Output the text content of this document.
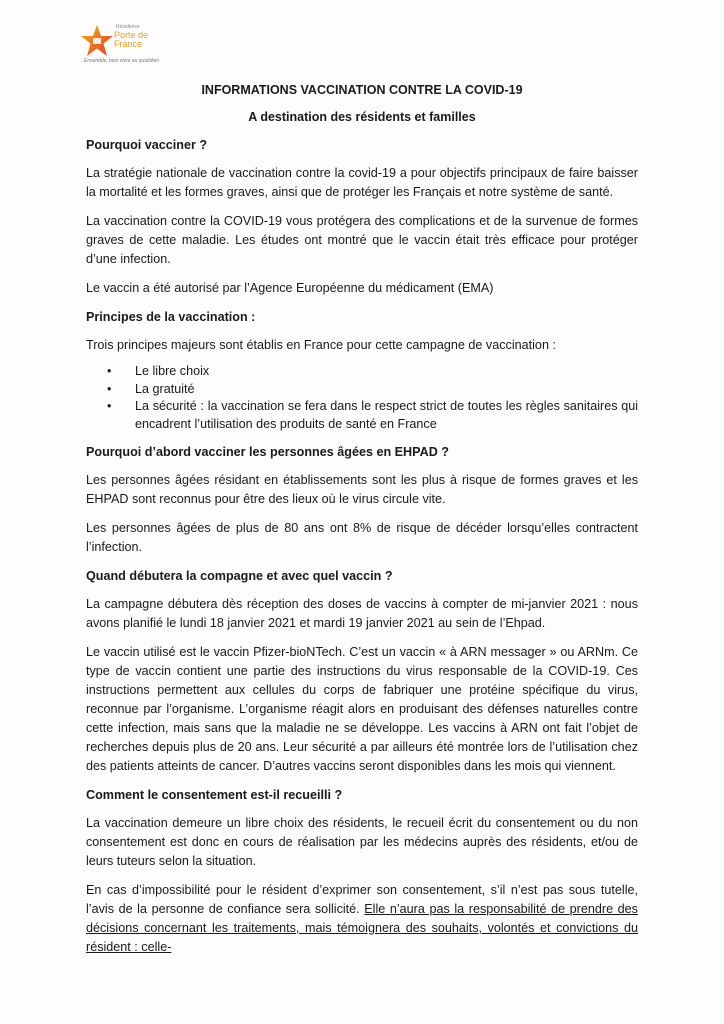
Résidence
Porte de
France
Ensemble, bien vivre au quotidien
INFORMATIONS VACCINATION CONTRE LA COVID-19
A destination des résidents et familles
Pourquoi vacciner ?

La stratégie nationale de vaccination contre la covid-19 a pour objectifs principaux de faire baisser la mortalité et les formes graves, ainsi que de protéger les Français et notre système de santé.

La vaccination contre la COVID-19 vous protégera des complications et de la survenue de formes graves de cette maladie. Les études ont montré que le vaccin était très efficace pour protéger d’une infection.

Le vaccin a été autorisé par l’Agence Européenne du médicament (EMA)

Principes de la vaccination :

Trois principes majeurs sont établis en France pour cette campagne de vaccination :

• Le libre choix
• La gratuité
• La sécurité : la vaccination se fera dans le respect strict de toutes les règles sanitaires qui encadrent l’utilisation des produits de santé en France
Pourquoi d’abord vacciner les personnes âgées en EHPAD ?

Les personnes âgées résidant en établissements sont les plus à risque de formes graves et les EHPAD sont reconnus pour être des lieux où le virus circule vite.

Les personnes âgées de plus de 80 ans ont 8% de risque de décéder lorsqu’elles contractent l’infection.

Quand débutera la compagne et avec quel vaccin ?

La campagne débutera dès réception des doses de vaccins à compter de mi-janvier 2021 : nous avons planifié le lundi 18 janvier 2021 et mardi 19 janvier 2021 au sein de l’Ehpad.

Le vaccin utilisé est le vaccin Pfizer-bioNTech. C’est un vaccin « à ARN messager » ou ARNm. Ce type de vaccin contient une partie des instructions du virus responsable de la COVID-19. Ces instructions permettent aux cellules du corps de fabriquer une protéine spécifique du virus, reconnue par l’organisme. L’organisme réagit alors en produisant des défenses naturelles contre cette infection, mais sans que la maladie ne se développe. Les vaccins à ARN ont fait l’objet de recherches depuis plus de 20 ans. Leur sécurité a par ailleurs été montrée lors de l’utilisation chez des patients atteints de cancer. D’autres vaccins seront disponibles dans les mois qui viennent.

Comment le consentement est-il recueilli ?

La vaccination demeure un libre choix des résidents, le recueil écrit du consentement ou du non consentement est donc en cours de réalisation par les médecins auprès des résidents, et/ou de leurs tuteurs selon la situation.

En cas d’impossibilité pour le résident d’exprimer son consentement, s’il n’est pas sous tutelle, l’avis de la personne de confiance sera sollicité. Elle n’aura pas la responsabilité de prendre des décisions concernant les traitements, mais témoignera des souhaits, volontés et convictions du résident : celle-
